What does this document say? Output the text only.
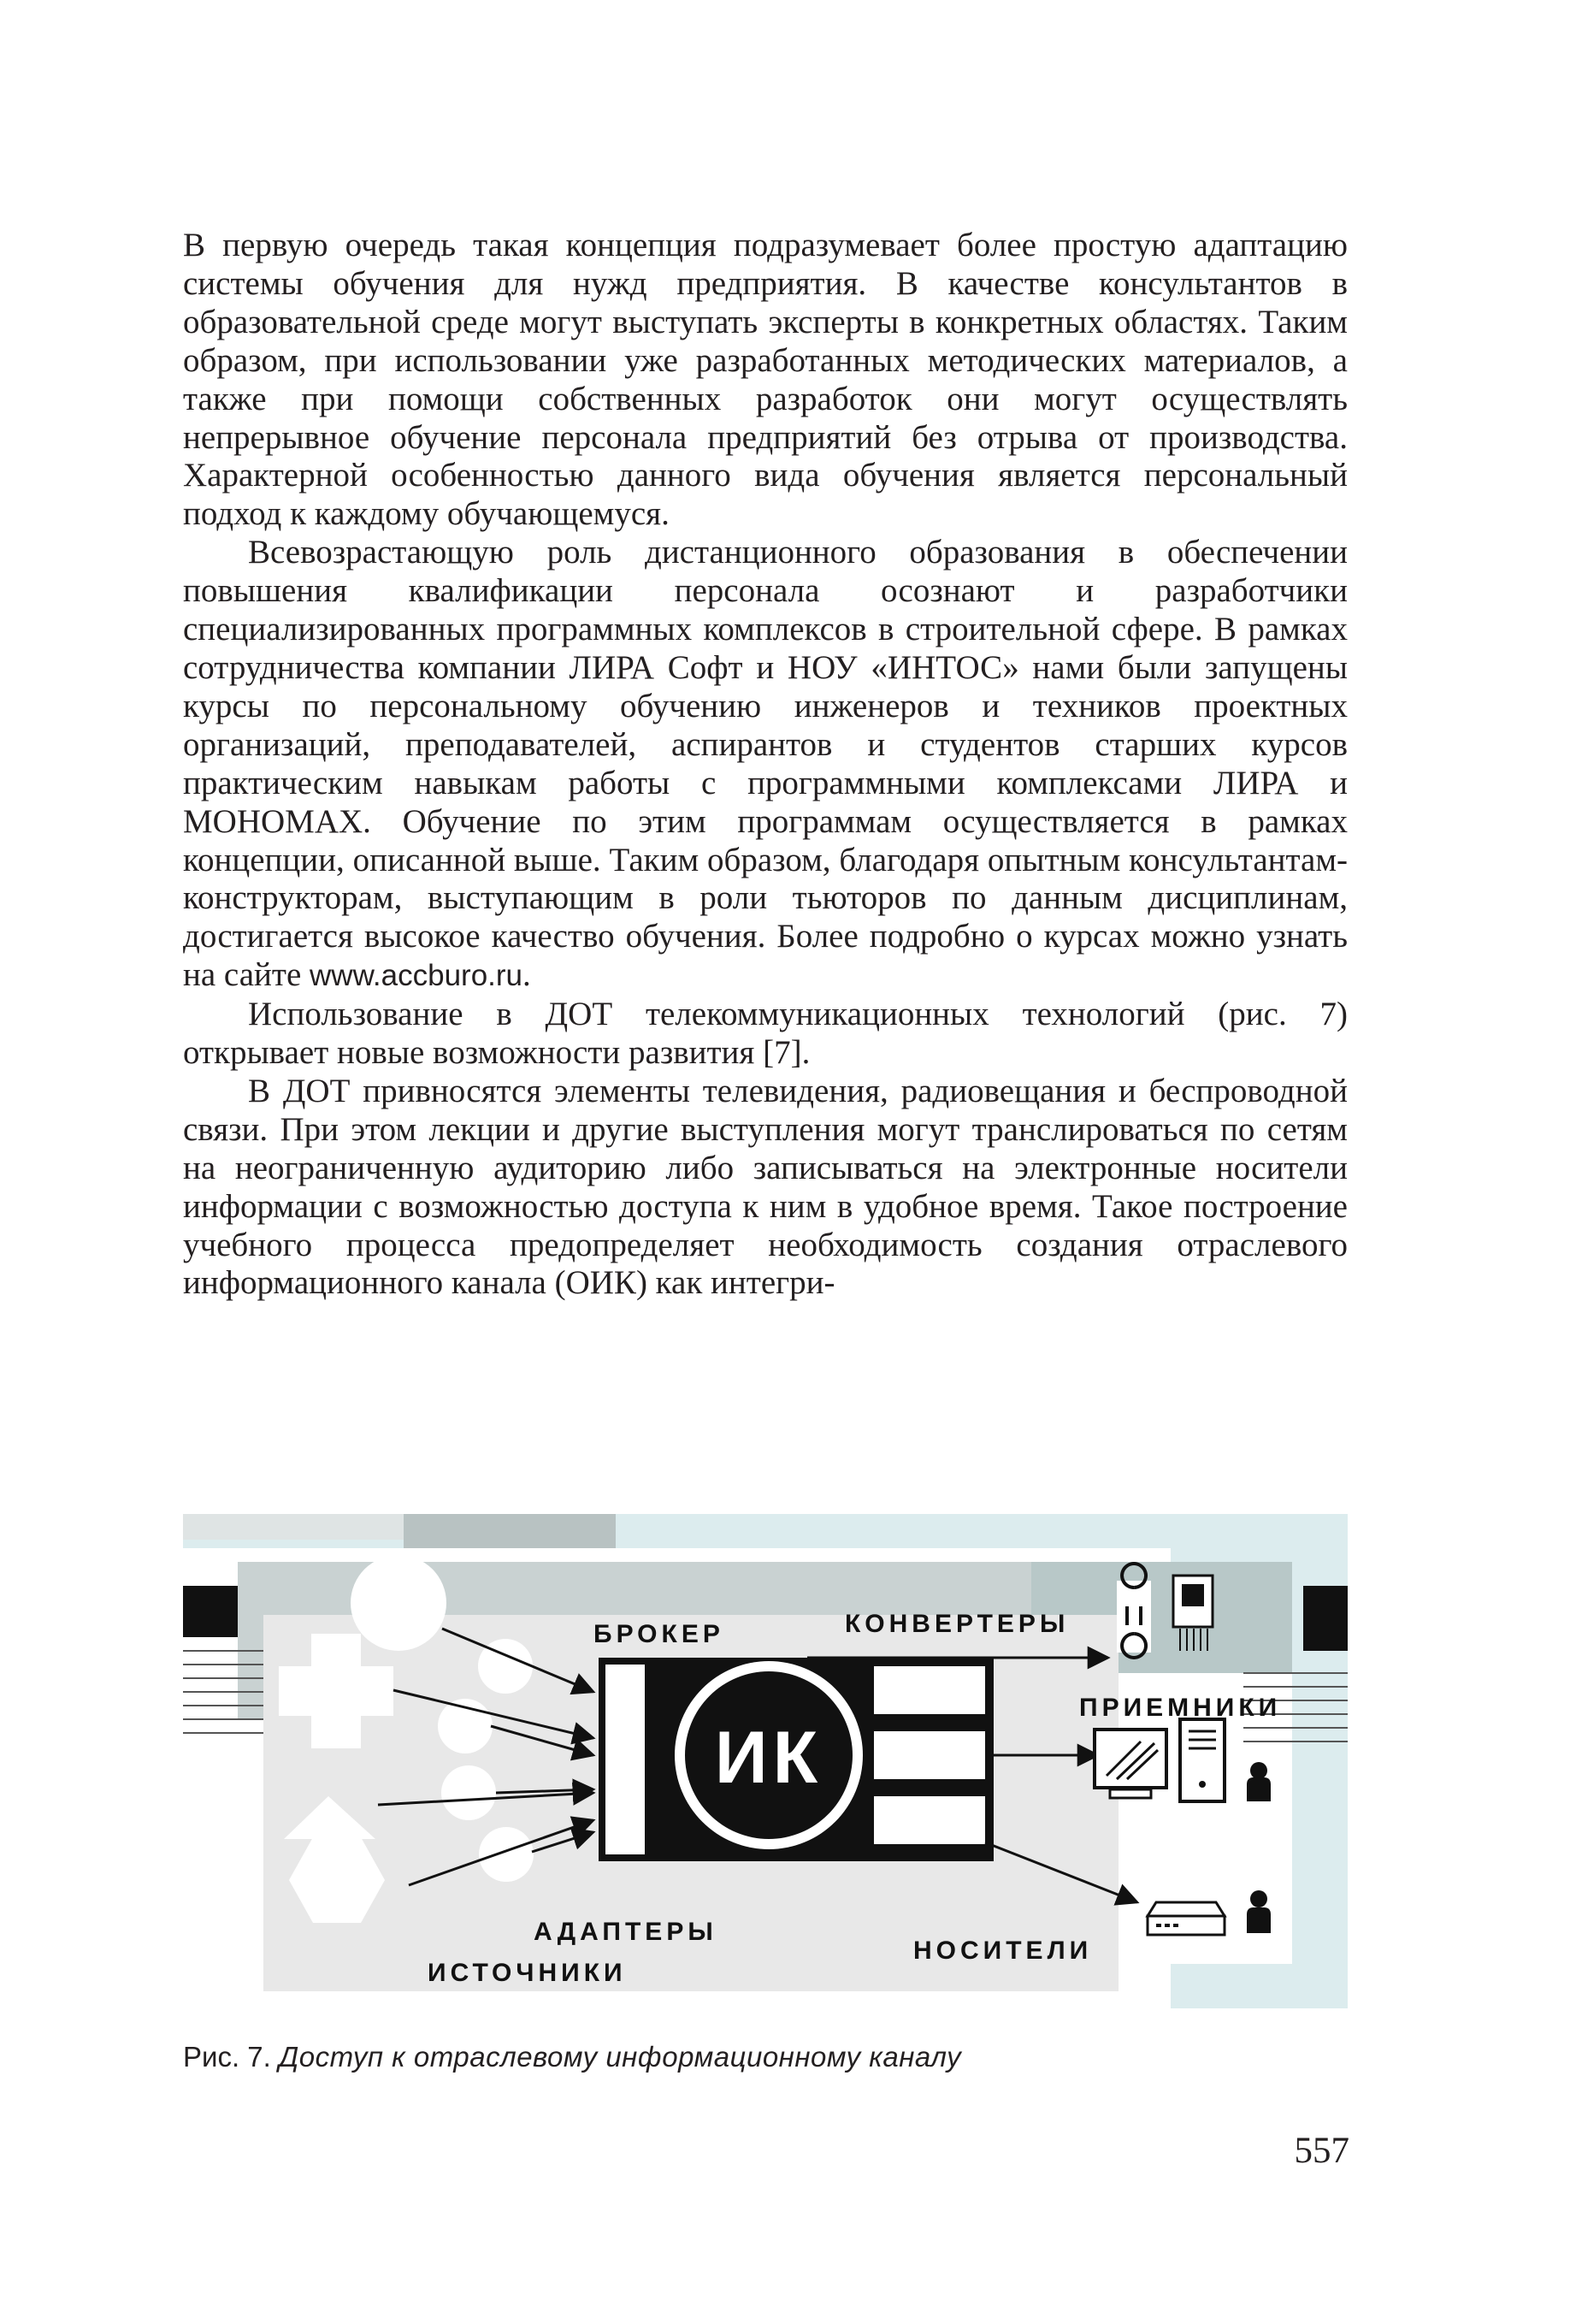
В первую очередь такая концепция подразумевает более простую адаптацию системы обучения для нужд предприятия. В качестве консультантов в образовательной среде могут выступать эксперты в конкретных областях. Таким образом, при использовании уже разработанных методических материалов, а также при помощи собственных разработок они могут осуществлять непрерывное обучение персонала предприятий без отрыва от производства. Характерной особенностью данного вида обучения является персональный подход к каждому обучающемуся.

Всевозрастающую роль дистанционного образования в обеспечении повышения квалификации персонала осознают и разработчики специализированных программных комплексов в строительной сфере. В рамках сотрудничества компании ЛИРА Софт и НОУ «ИНТОС» нами были запущены курсы по персональному обучению инженеров и техников проектных организаций, преподавателей, аспирантов и студентов старших курсов практическим навыкам работы с программными комплексами ЛИРА и МОНОМАХ. Обучение по этим программам осуществляется в рамках концепции, описанной выше. Таким образом, благодаря опытным консультантам-конструкторам, выступающим в роли тьюторов по данным дисциплинам, достигается высокое качество обучения. Более подробно о курсах можно узнать на сайте www.accburo.ru.

Использование в ДОТ телекоммуникационных технологий (рис. 7) открывает новые возможности развития [7].

В ДОТ привносятся элементы телевидения, радиовещания и беспроводной связи. При этом лекции и другие выступления могут транслироваться по сетям на неограниченную аудиторию либо записываться на электронные носители информации с возможностью доступа к ним в удобное время. Такое построение учебного процесса предопределяет необходимость создания отраслевого информационного канала (ОИК) как интегри-

ИК
БРОКЕР	КОНВЕРТЕРЫ
ПРИЕМНИКИ
АДАПТЕРЫ
НОСИТЕЛИ
ИСТОЧНИКИ

Рис. 7. Доступ к отраслевому информационному каналу

557
